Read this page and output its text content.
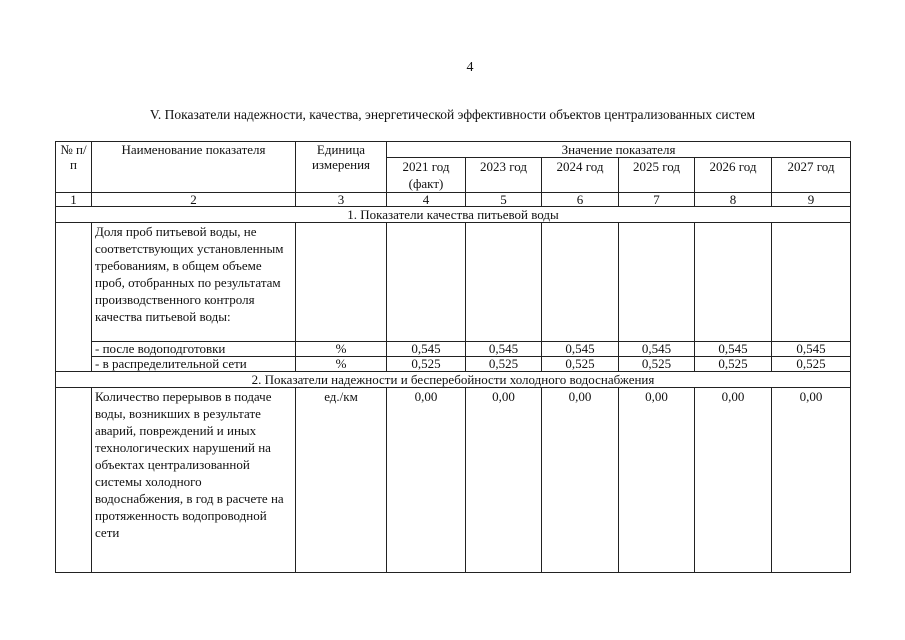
4
V. Показатели надежности, качества, энергетической эффективности объектов централизованных систем
№ п/п	Наименование показателя	Единица измерения	Значение показателя					
			2021 год (факт)	2023 год	2024 год	2025 год	2026 год	2027 год
1	2	3	4	5	6	7	8	9
1. Показатели качества питьевой воды								
	Доля проб питьевой воды, не соответствующих установленным требованиям, в общем объеме проб, отобранных по результатам производственного контроля качества питьевой воды:							
	- после водоподготовки	%	0,545	0,545	0,545	0,545	0,545	0,545
	- в распределительной сети	%	0,525	0,525	0,525	0,525	0,525	0,525
2. Показатели надежности и бесперебойности холодного водоснабжения								
	Количество перерывов в подаче воды, возникших в результате аварий, повреждений и иных технологических нарушений на объектах централизованной системы холодного водоснабжения, в год в расчете на протяженность водопроводной сети	ед./км	0,00	0,00	0,00	0,00	0,00	0,00
